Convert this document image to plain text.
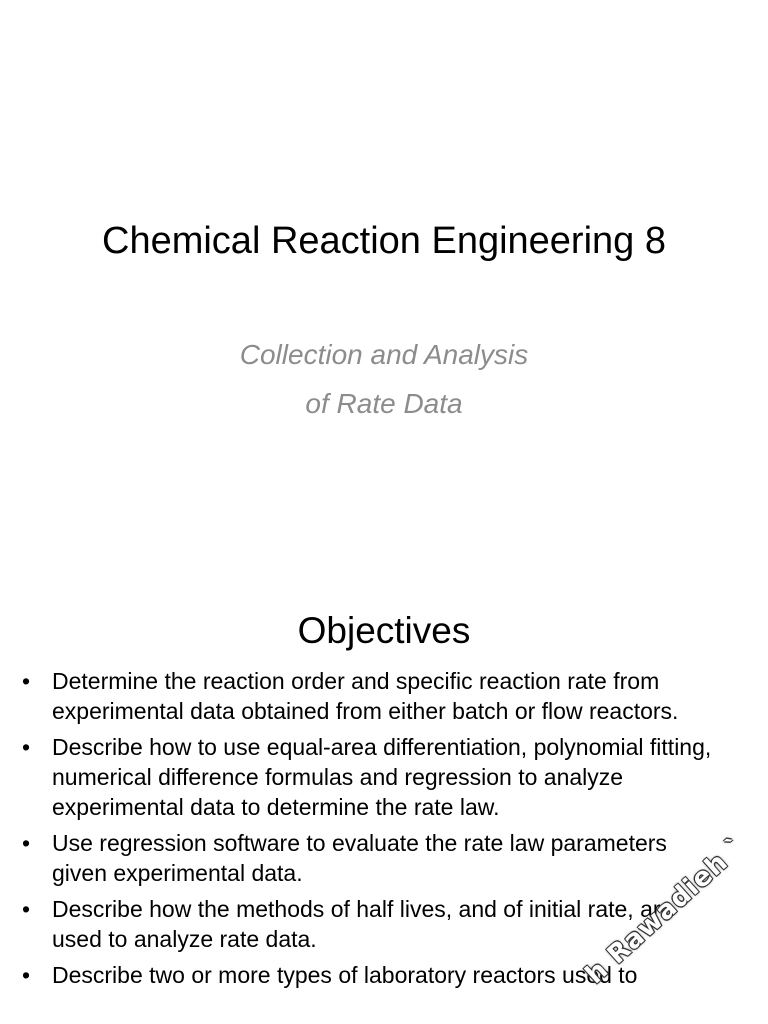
Chemical Reaction Engineering 8
Collection and Analysis
of Rate Data
Objectives
• Determine the reaction order and specific reaction rate from experimental data obtained from either batch or flow reactors.
• Describe how to use equal-area differentiation, polynomial fitting, numerical difference formulas and regression to analyze experimental data to determine the rate law.
• Use regression software to evaluate the rate law parameters given experimental data.
• Describe how the methods of half lives, and of initial rate, are used to analyze rate data.
• Describe two or more types of laboratory reactors used to
h Rawadieh `
